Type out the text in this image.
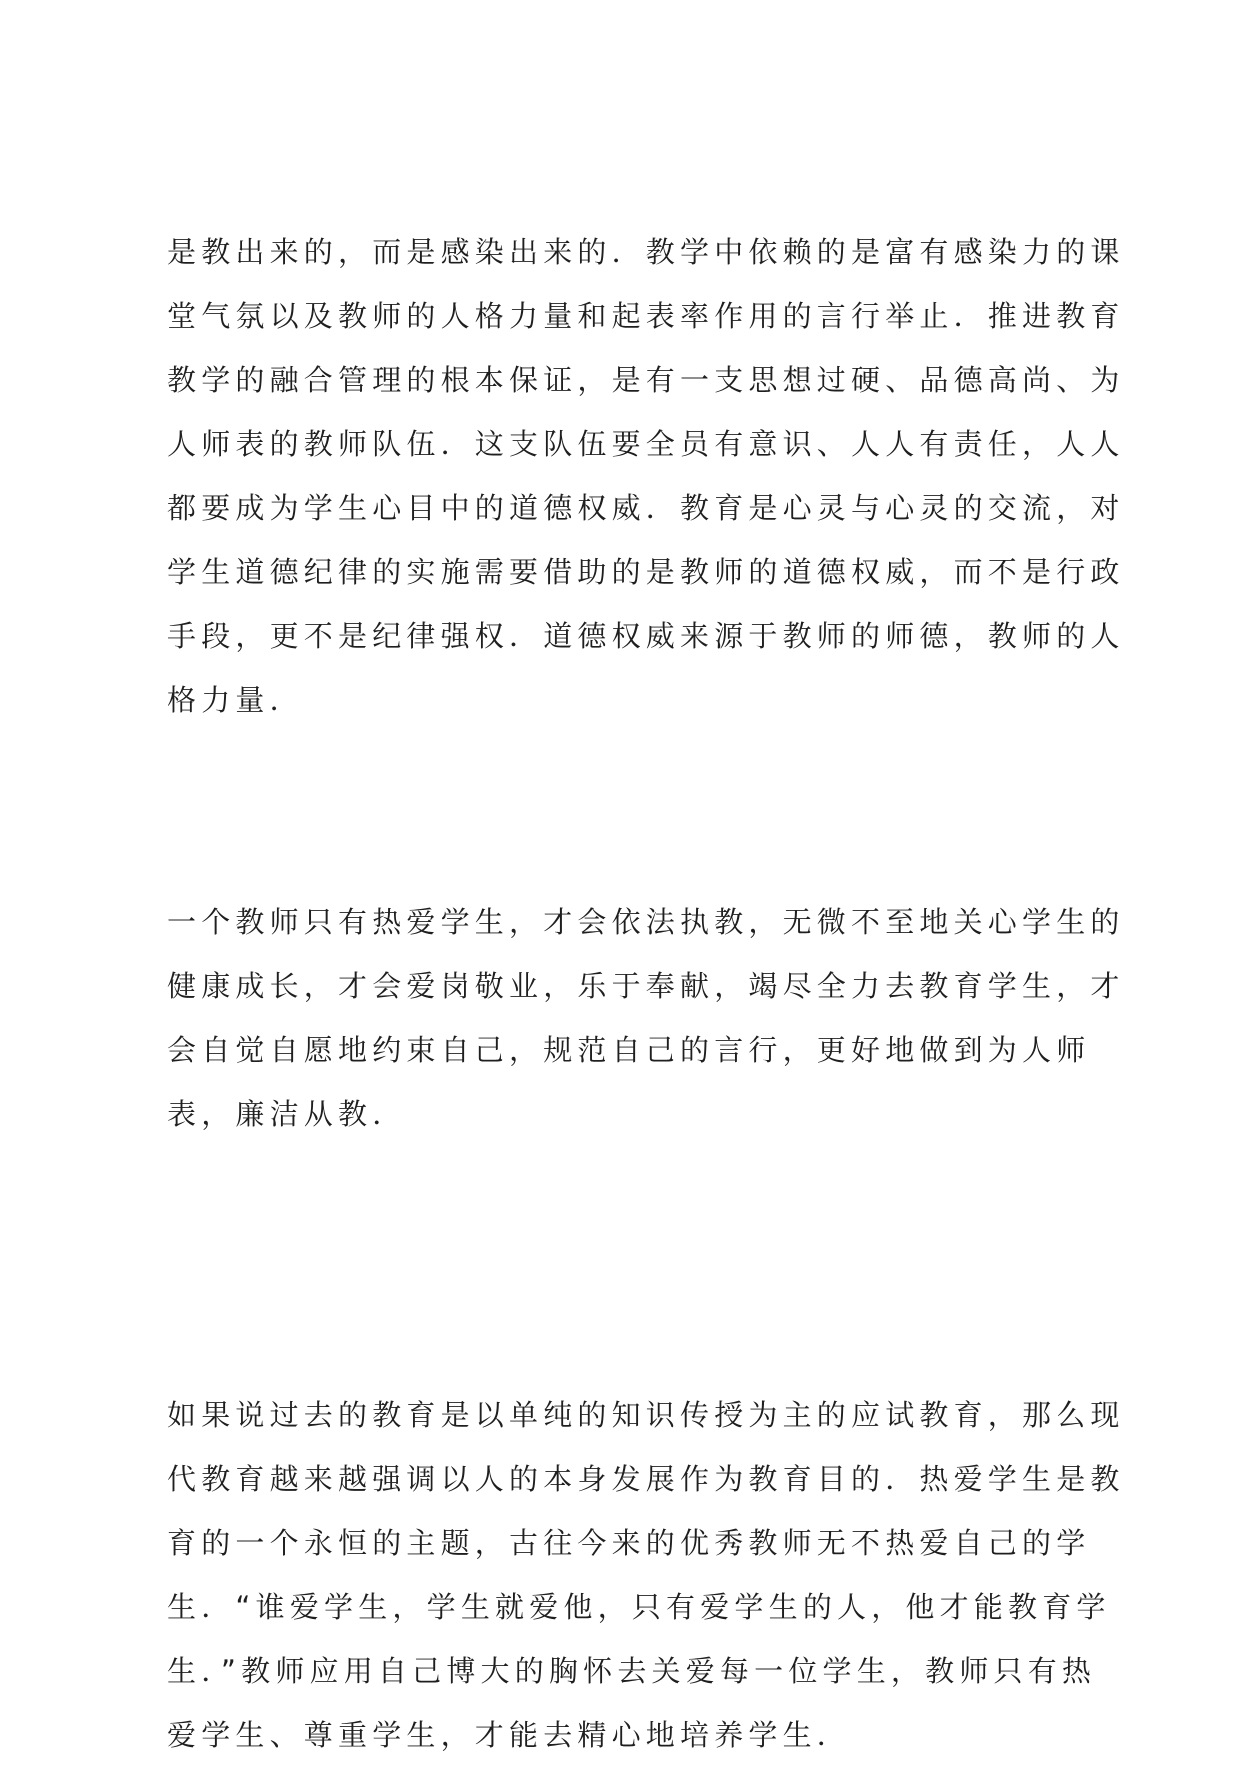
是教出来的，而是感染出来的．教学中依赖的是富有感染力的课
堂气氛以及教师的人格力量和起表率作用的言行举止．推进教育
教学的融合管理的根本保证，是有一支思想过硬、品德高尚、为
人师表的教师队伍．这支队伍要全员有意识、人人有责任，人人
都要成为学生心目中的道德权威．教育是心灵与心灵的交流，对
学生道德纪律的实施需要借助的是教师的道德权威，而不是行政
手段，更不是纪律强权．道德权威来源于教师的师德，教师的人
格力量．
一个教师只有热爱学生，才会依法执教，无微不至地关心学生的
健康成长，才会爱岗敬业，乐于奉献，竭尽全力去教育学生，才
会自觉自愿地约束自己，规范自己的言行，更好地做到为人师
表，廉洁从教．
如果说过去的教育是以单纯的知识传授为主的应试教育，那么现
代教育越来越强调以人的本身发展作为教育目的．热爱学生是教
育的一个永恒的主题，古往今来的优秀教师无不热爱自己的学
生．“谁爱学生，学生就爱他，只有爱学生的人，他才能教育学
生．”教师应用自己博大的胸怀去关爱每一位学生，教师只有热
爱学生、尊重学生，才能去精心地培养学生．
